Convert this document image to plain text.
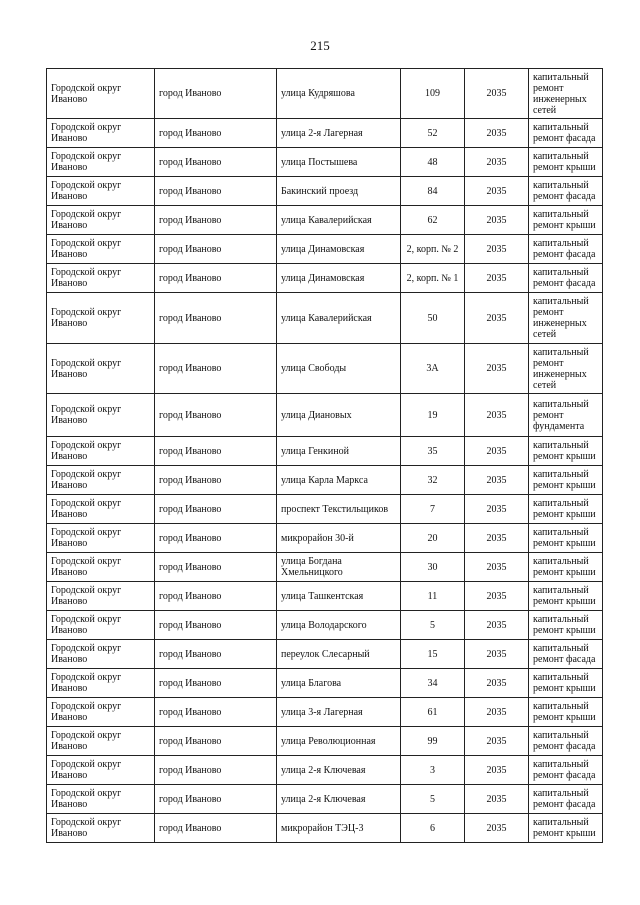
215
Городской округ Иваново	город Иваново	улица Кудряшова	109	2035	капитальный ремонт инженерных сетей
Городской округ Иваново	город Иваново	улица 2-я Лагерная	52	2035	капитальный ремонт фасада
Городской округ Иваново	город Иваново	улица Постышева	48	2035	капитальный ремонт крыши
Городской округ Иваново	город Иваново	Бакинский проезд	84	2035	капитальный ремонт фасада
Городской округ Иваново	город Иваново	улица Кавалерийская	62	2035	капитальный ремонт крыши
Городской округ Иваново	город Иваново	улица Динамовская	2, корп. № 2	2035	капитальный ремонт фасада
Городской округ Иваново	город Иваново	улица Динамовская	2, корп. № 1	2035	капитальный ремонт фасада
Городской округ Иваново	город Иваново	улица Кавалерийская	50	2035	капитальный ремонт инженерных сетей
Городской округ Иваново	город Иваново	улица Свободы	3А	2035	капитальный ремонт инженерных сетей
Городской округ Иваново	город Иваново	улица Диановых	19	2035	капитальный ремонт фундамента
Городской округ Иваново	город Иваново	улица Генкиной	35	2035	капитальный ремонт крыши
Городской округ Иваново	город Иваново	улица Карла Маркса	32	2035	капитальный ремонт крыши
Городской округ Иваново	город Иваново	проспект Текстильщиков	7	2035	капитальный ремонт крыши
Городской округ Иваново	город Иваново	микрорайон 30-й	20	2035	капитальный ремонт крыши
Городской округ Иваново	город Иваново	улица Богдана Хмельницкого	30	2035	капитальный ремонт крыши
Городской округ Иваново	город Иваново	улица Ташкентская	11	2035	капитальный ремонт крыши
Городской округ Иваново	город Иваново	улица Володарского	5	2035	капитальный ремонт крыши
Городской округ Иваново	город Иваново	переулок Слесарный	15	2035	капитальный ремонт фасада
Городской округ Иваново	город Иваново	улица Благова	34	2035	капитальный ремонт крыши
Городской округ Иваново	город Иваново	улица 3-я Лагерная	61	2035	капитальный ремонт крыши
Городской округ Иваново	город Иваново	улица Революционная	99	2035	капитальный ремонт фасада
Городской округ Иваново	город Иваново	улица 2-я Ключевая	3	2035	капитальный ремонт фасада
Городской округ Иваново	город Иваново	улица 2-я Ключевая	5	2035	капитальный ремонт фасада
Городской округ Иваново	город Иваново	микрорайон ТЭЦ-3	6	2035	капитальный ремонт крыши
